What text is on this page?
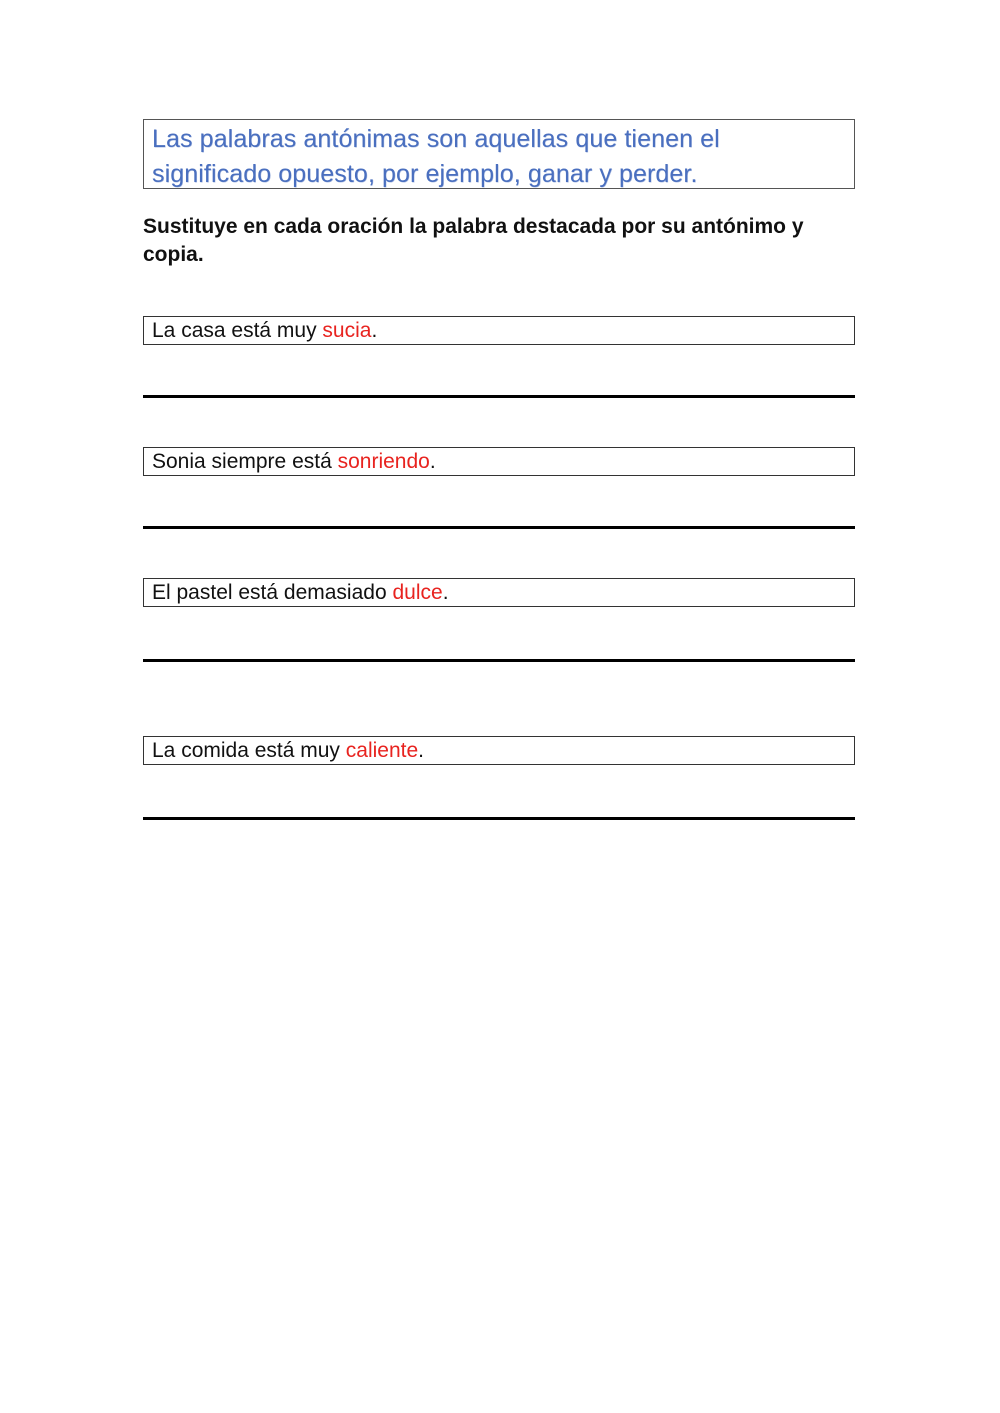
Las palabras antónimas son aquellas que tienen el significado opuesto, por ejemplo, ganar y perder.
Sustituye en cada oración la palabra destacada por su antónimo y copia.
La casa está muy sucia.
Sonia siempre está sonriendo.
El pastel está demasiado dulce.
La comida está muy caliente.
